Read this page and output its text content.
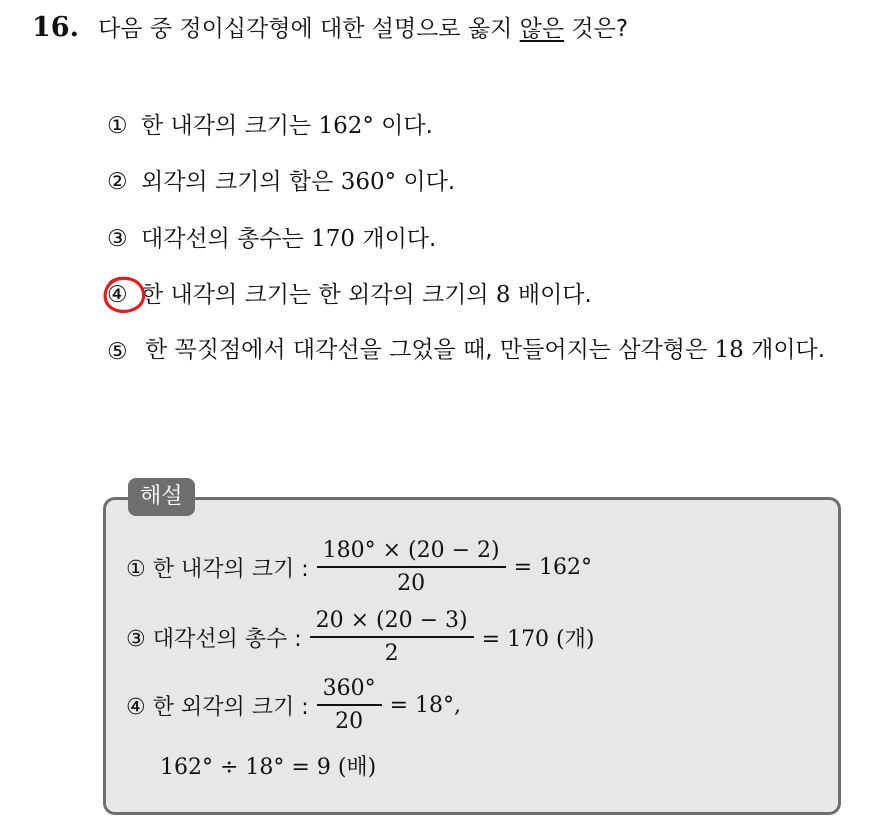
16. 다음 중 정이십각형에 대한 설명으로 옳지 않은 것은?
① 한 내각의 크기는 162° 이다.
② 외각의 크기의 합은 360° 이다.
③ 대각선의 총수는 170 개이다.
④ 한 내각의 크기는 한 외각의 크기의 8 배이다.
⑤ 한 꼭짓점에서 대각선을 그었을 때, 만들어지는 삼각형은 18 개이다.
해설
① 한 내각의 크기 : $\frac{180^\circ \times (20 - 2)}{20} = 162^\circ$
③ 대각선의 총수 : $\frac{20 \times (20 - 3)}{2} = 170$ (개)
④ 한 외각의 크기 : $\frac{360^\circ}{20} = 18^\circ$,
162° ÷ 18° = 9 (배)
